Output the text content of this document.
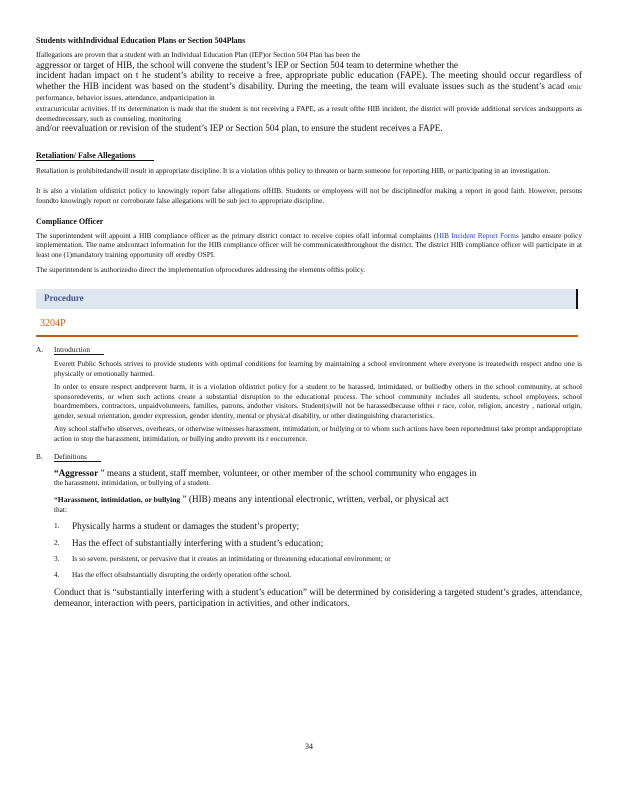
Students withIndividual Education Plans or Section 504Plans

Ifallegations are proven that a student with an Individual Education Plan (IEP)or Section 504 Plan has been the

aggressor or target of HIB, the school will convene the student’s IEP or Section 504 team to determine whether the

incident hadan impact on t he student’s ability to receive a free, appropriate public education (FAPE). The meeting should occur regardless of whether the HIB incident was based on the student’s disability. During the meeting, the team will evaluate issues such as the student’s acad emic performance, behavior issues, attendance, andparticipation in

extracurricular activities. If its determination is made that the student is not receiving a FAPE, as a result ofthe HIB incident, the district will provide additional services andsupports as deemednecessary, such as counseling, monitoring

and/or reevaluation or revision of the student’s IEP or Section 504 plan, to ensure the student receives a FAPE.

Retaliation/ False Allegations

Retaliation is prohibitedandwill result in appropriate discipline. It is a violation ofthis policy to threaten or harm someone for reporting HIB, or participating in an investigation.

It is also a violation ofdistrict policy to knowingly report false allegations ofHIB. Students or employees will not be disciplinedfor making a report in good faith. However, persons foundto knowingly report or corroborate false allegations will be sub ject to appropriate discipline.

Compliance Officer

The superintendent will appoint a HIB compliance officer as the primary district contact to receive copies ofall informal complaints (HIB Incident Report Forms )andto ensure policy implementation. The name andcontact information for the HIB compliance officer will be communicatedthroughout the district. The district HIB compliance officer will participate in at least one (1)mandatory training opportunity off eredby OSPI.

The superintendent is authorizedto direct the implementation ofprocedures addressing the elements ofthis policy.

Procedure
3204P
A. Introduction

Everett Public Schools strives to provide students with optimal conditions for learning by maintaining a school environment where everyone is treatedwith respect andno one is physically or emotionally harmed.

In order to ensure respect andprevent harm, it is a violation ofdistrict policy for a student to be harassed, intimidated, or bulliedby others in the school community, at school sponsoredevents, or when such actions create a substantial disruption to the educational process. The school community includes all students, school employees, school boardmembers, contractors, unpaidvolunteers, families, patrons, andother visitors. Student(s)will not be harassedbecause ofthei r race, color, religion, ancestry , national origin, gender, sexual orientation, gender expression, gender identity, mental or physical disability, or other distinguishing characteristics.

Any school staffwho observes, overhears, or otherwise witnesses harassment, intimidation, or bullying or to whom such actions have been reportedmust take prompt andappropriate action to stop the harassment, intimidation, or bullying andto prevent its r eoccurrence.

B. Definitions

“Aggressor ” means a student, staff member, volunteer, or other member of the school community who engages in

the harassment, intimidation, or bullying of a student.

“Harassment, intimidation, or bullying ” (HIB) means any intentional electronic, written, verbal, or physical act

that:

1.	Physically harms a student or damages the student’s property;
2.	Has the effect of substantially interfering with a student’s education;
3.	Is so severe, persistent, or pervasive that it creates an intimidating or threatening educational environment; or
4.	Has the effect ofsubstantially disrupting the orderly operation ofthe school.

Conduct that is “substantially interfering with a student’s education” will be determined by considering a targeted student’s grades, attendance, demeanor, interaction with peers, participation in activities, and other indicators.

34
